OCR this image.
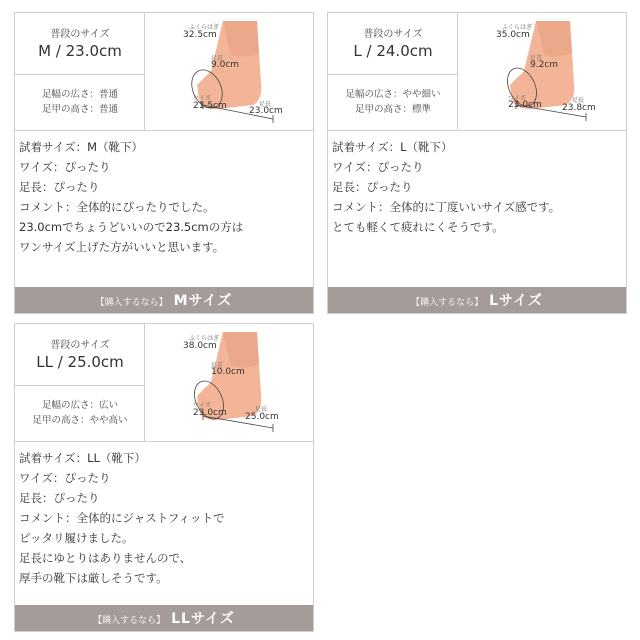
普段のサイズ
M / 23.0cm
足幅の広さ：普通
足甲の高さ：普通
ふくらはぎ
32.5cm
足首
9.0cm
ワイズ
21.5cm	足長
23.0cm
試着サイズ：M（靴下）
ワイズ：ぴったり
足長：ぴったり
コメント：全体的にぴったりでした。
23.0cmでちょうどいいので23.5cmの方は
ワンサイズ上げた方がいいと思います。
【購入するなら】 Mサイズ
普段のサイズ
L / 24.0cm
足幅の広さ：やや細い
足甲の高さ：標準
ふくらはぎ
35.0cm
足首
9.2cm
ワイズ
23.0cm	足長
23.8cm
試着サイズ：L（靴下）
ワイズ：ぴったり
足長：ぴったり
コメント：全体的に丁度いいサイズ感です。
とても軽くて疲れにくそうです。
【購入するなら】 Lサイズ
普段のサイズ
LL / 25.0cm
足幅の広さ：広い
足甲の高さ：やや高い
ふくらはぎ
38.0cm
足首
10.0cm
ワイズ
23.0cm	足長
25.0cm
試着サイズ：LL（靴下）
ワイズ：ぴったり
足長：ぴったり
コメント：全体的にジャストフィットで
ピッタリ履けました。
足長にゆとりはありませんので、
厚手の靴下は厳しそうです。
【購入するなら】 LLサイズ
